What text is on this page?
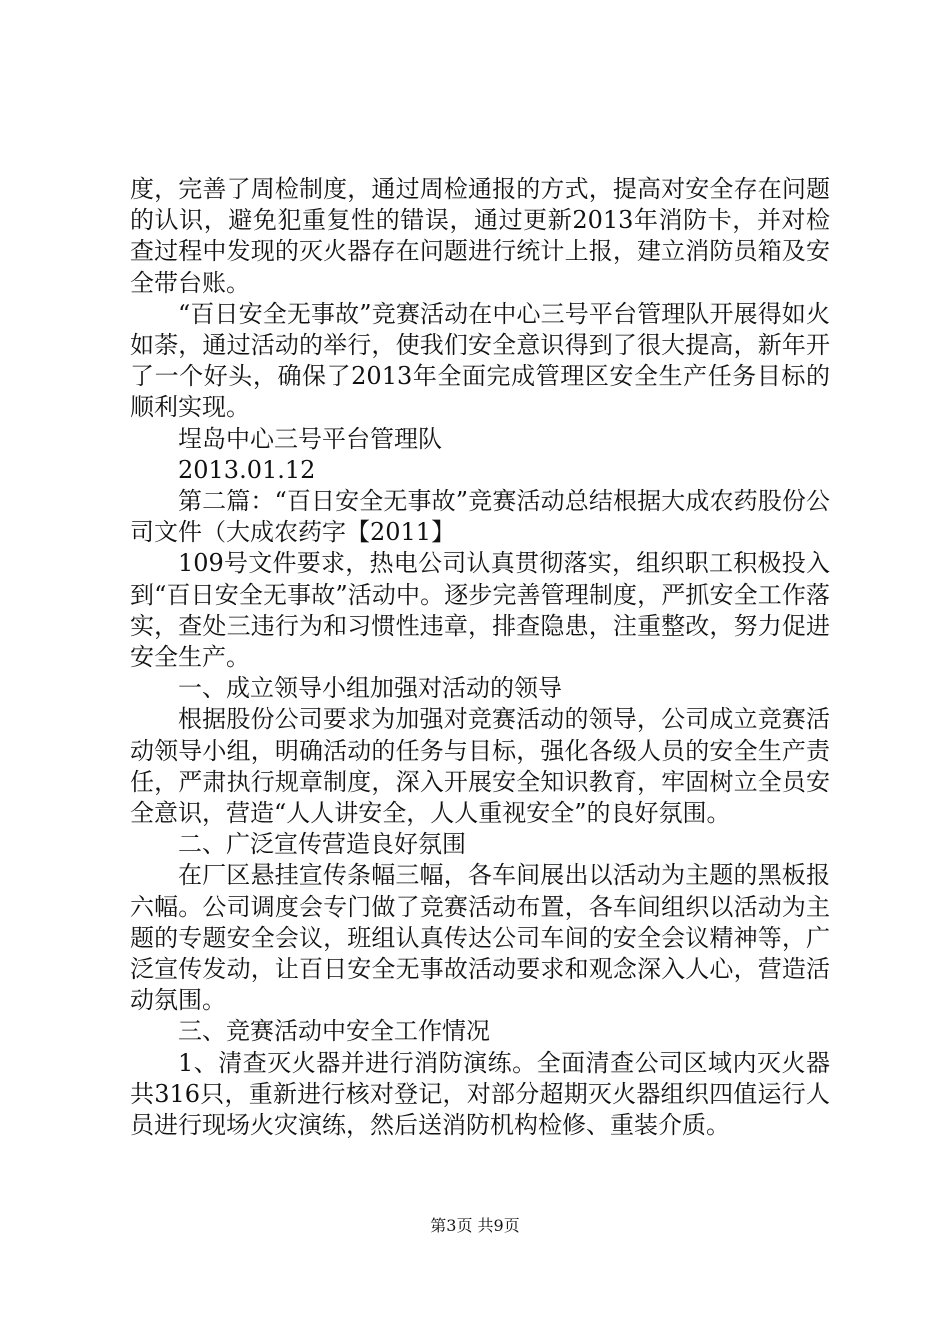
度，完善了周检制度，通过周检通报的方式，提高对安全存在问题的认识，避免犯重复性的错误，通过更新2013年消防卡，并对检查过程中发现的灭火器存在问题进行统计上报，建立消防员箱及安全带台账。

“百日安全无事故”竞赛活动在中心三号平台管理队开展得如火如荼，通过活动的举行，使我们安全意识得到了很大提高，新年开了一个好头，确保了2013年全面完成管理区安全生产任务目标的顺利实现。

埕岛中心三号平台管理队

2013.01.12

第二篇：“百日安全无事故”竞赛活动总结根据大成农药股份公司文件（大成农药字【2011】

109号文件要求，热电公司认真贯彻落实，组织职工积极投入到“百日安全无事故”活动中。逐步完善管理制度，严抓安全工作落实，查处三违行为和习惯性违章，排查隐患，注重整改，努力促进安全生产。

一、成立领导小组加强对活动的领导

根据股份公司要求为加强对竞赛活动的领导，公司成立竞赛活动领导小组，明确活动的任务与目标，强化各级人员的安全生产责任，严肃执行规章制度，深入开展安全知识教育，牢固树立全员安全意识，营造“人人讲安全，人人重视安全”的良好氛围。

二、广泛宣传营造良好氛围

在厂区悬挂宣传条幅三幅，各车间展出以活动为主题的黑板报六幅。公司调度会专门做了竞赛活动布置，各车间组织以活动为主题的专题安全会议，班组认真传达公司车间的安全会议精神等，广泛宣传发动，让百日安全无事故活动要求和观念深入人心，营造活动氛围。

三、竞赛活动中安全工作情况

1、清查灭火器并进行消防演练。全面清查公司区域内灭火器共316只，重新进行核对登记，对部分超期灭火器组织四值运行人员进行现场火灾演练，然后送消防机构检修、重装介质。

第3页 共9页
